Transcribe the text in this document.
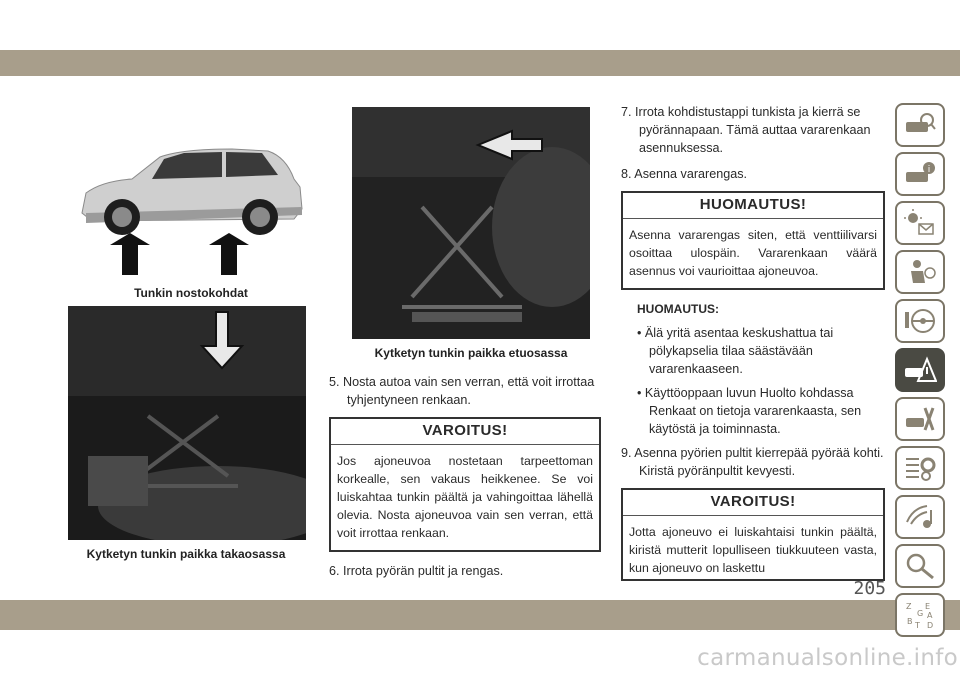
Tunkin nostokohdat
Kytketyn tunkin paikka takaosassa
Kytketyn tunkin paikka etuosassa

5. Nosta autoa vain sen verran, että voit irrottaa tyhjentyneen renkaan.

VAROITUS!
Jos ajoneuvoa nostetaan tarpeettoman korkealle, sen vakaus heikkenee. Se voi luiskahtaa tunkin päältä ja vahingoittaa lähellä olevia. Nosta ajoneuvoa vain sen verran, että voit irrottaa renkaan.

6. Irrota pyörän pultit ja rengas.

7. Irrota kohdistustappi tunkista ja kierrä se pyörännapaan. Tämä auttaa vararenkaan asennuksessa.

8. Asenna vararengas.

HUOMAUTUS!
Asenna vararengas siten, että venttiilivarsi osoittaa ulospäin. Vararenkaan väärä asennus voi vaurioittaa ajoneuvoa.
HUOMAUTUS:

• Älä yritä asentaa keskushattua tai pölykapselia tilaa säästävään vararenkaaseen.

• Käyttöoppaan luvun Huolto kohdassa Renkaat on tietoja vararenkaasta, sen käytöstä ja toiminnasta.

9. Asenna pyörien pultit kierrepää pyörää kohti. Kiristä pyöränpultit kevyesti.

VAROITUS!
Jotta ajoneuvo ei luiskahtaisi tunkin päältä, kiristä mutterit lopulliseen tiukkuuteen vasta, kun ajoneuvo on laskettu
i
Z E
G A
B T D
205
carmanualsonline.info
